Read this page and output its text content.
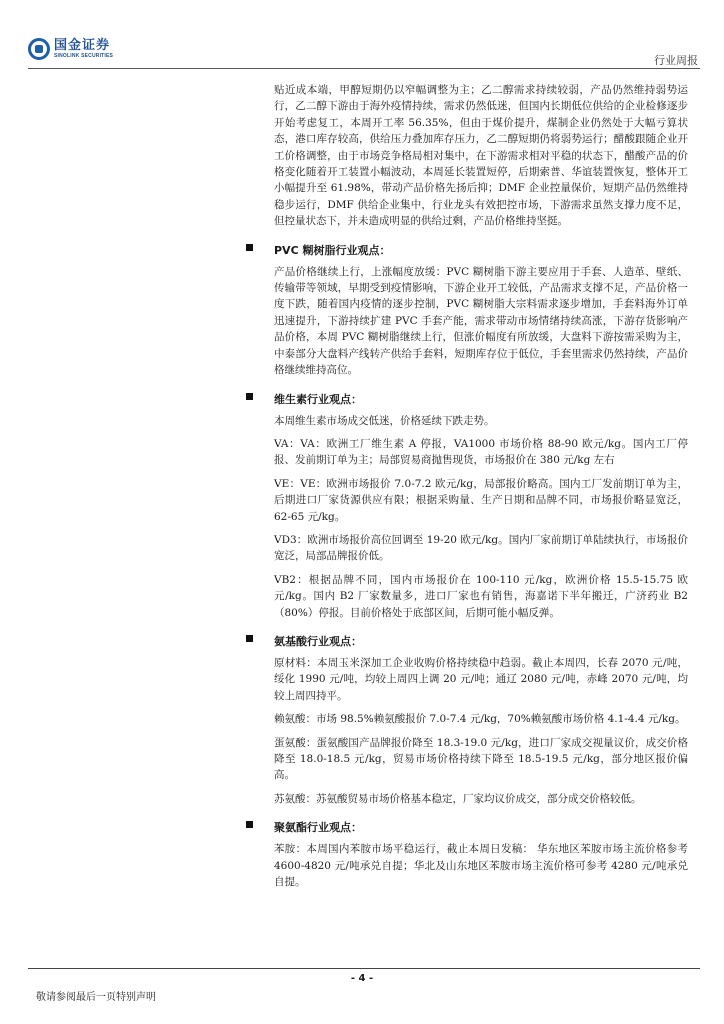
国金证券
SINOLINK SECURITIES	行业周报

贴近成本端，甲醇短期仍以窄幅调整为主；乙二醇需求持续较弱，产品仍然维持弱势运行，乙二醇下游由于海外疫情持续，需求仍然低迷，但国内长期低位供给的企业检修逐步开始考虑复工，本周开工率 56.35%，但由于煤价提升，煤制企业仍然处于大幅亏算状态，港口库存较高，供给压力叠加库存压力，乙二醇短期仍将弱势运行；醋酸跟随企业开工价格调整，由于市场竞争格局相对集中，在下游需求相对平稳的状态下，醋酸产品的价格变化随着开工装置小幅波动，本周延长装置短停，后期索普、华谊装置恢复，整体开工小幅提升至 61.98%，带动产品价格先扬后抑；DMF 企业控量保价，短期产品仍然维持稳步运行，DMF 供给企业集中，行业龙头有效把控市场，下游需求虽然支撑力度不足，但控量状态下，并未造成明显的供给过剩，产品价格维持坚挺。

PVC 糊树脂行业观点：

产品价格继续上行，上涨幅度放缓：PVC 糊树脂下游主要应用于手套、人造革、壁纸、传输带等领域，早期受到疫情影响，下游企业开工较低，产品需求支撑不足，产品价格一度下跌，随着国内疫情的逐步控制，PVC 糊树脂大宗料需求逐步增加，手套料海外订单迅速提升，下游持续扩建 PVC 手套产能，需求带动市场情绪持续高涨，下游存货影响产品价格，本周 PVC 糊树脂继续上行，但涨价幅度有所放缓，大盘料下游按需采购为主，中泰部分大盘料产线转产供给手套料，短期库存位于低位，手套里需求仍然持续，产品价格继续维持高位。

维生素行业观点：

本周维生素市场成交低迷，价格延续下跌走势。

VA：VA：欧洲工厂维生素 A 停报，VA1000 市场价格 88-90 欧元/kg。国内工厂停报、发前期订单为主；局部贸易商抛售现货，市场报价在 380 元/kg 左右

VE：VE：欧洲市场报价 7.0-7.2 欧元/kg，局部报价略高。国内工厂发前期订单为主，后期进口厂家货源供应有限；根据采购量、生产日期和品牌不同，市场报价略显宽泛，62-65 元/kg。

VD3：欧洲市场报价高位回调至 19-20 欧元/kg。国内厂家前期订单陆续执行，市场报价宽泛，局部品牌报价低。

VB2：根据品牌不同，国内市场报价在 100-110 元/kg，欧洲价格 15.5-15.75 欧元/kg。国内 B2 厂家数量多，进口厂家也有销售，海嘉诺下半年搬迁，广济药业 B2（80%）停报。目前价格处于底部区间，后期可能小幅反弹。

氨基酸行业观点：

原材料：本周玉米深加工企业收购价格持续稳中趋弱。截止本周四，长春 2070 元/吨，绥化 1990 元/吨，均较上周四上调 20 元/吨；通辽 2080 元/吨，赤峰 2070 元/吨，均较上周四持平。

赖氨酸：市场 98.5%赖氨酸报价 7.0-7.4 元/kg，70%赖氨酸市场价格 4.1-4.4 元/kg。

蛋氨酸：蛋氨酸国产品牌报价降至 18.3-19.0 元/kg，进口厂家成交视量议价，成交价格降至 18.0-18.5 元/kg，贸易市场价格持续下降至 18.5-19.5 元/kg，部分地区报价偏高。

苏氨酸：苏氨酸贸易市场价格基本稳定，厂家均议价成交，部分成交价格较低。

聚氨酯行业观点：

苯胺：本周国内苯胺市场平稳运行，截止本周日发稿： 华东地区苯胺市场主流价格参考 4600-4820 元/吨承兑自提；华北及山东地区苯胺市场主流价格可参考 4280 元/吨承兑 自提。

- 4 -
敬请参阅最后一页特别声明
